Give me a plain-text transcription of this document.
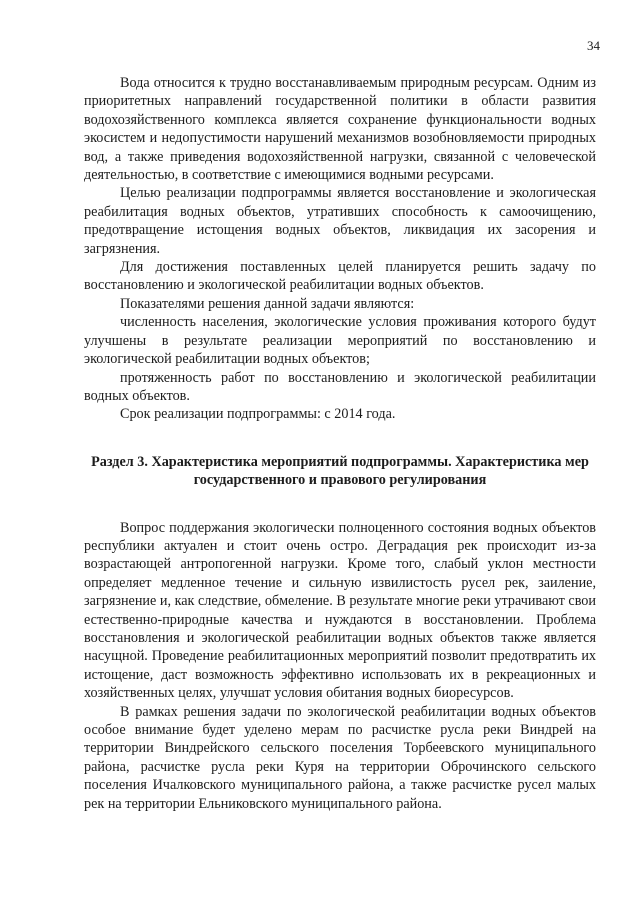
34

Вода относится к трудно восстанавливаемым природным ресурсам. Одним из приоритетных направлений государственной политики в области развития водохозяйственного комплекса является сохранение функциональности водных экосистем и недопустимости нарушений механизмов возобновляемости природных вод, а также приведения водохозяйственной нагрузки, связанной с человеческой деятельностью, в соответствие с имеющимися водными ресурсами.

Целью реализации подпрограммы является восстановление и экологическая реабилитация водных объектов, утративших способность к самоочищению, предотвращение истощения водных объектов, ликвидация их засорения и загрязнения.

Для достижения поставленных целей планируется решить задачу по восстановлению и экологической реабилитации водных объектов.

Показателями решения данной задачи являются:

численность населения, экологические условия проживания которого будут улучшены в результате реализации мероприятий по восстановлению и экологической реабилитации водных объектов;

протяженность работ по восстановлению и экологической реабилитации водных объектов.

Срок реализации подпрограммы: с 2014 года.

Раздел 3. Характеристика мероприятий подпрограммы. Характеристика мер государственного и правового регулирования

Вопрос поддержания экологически полноценного состояния водных объектов республики актуален и стоит очень остро. Деградация рек происходит из-за возрастающей антропогенной нагрузки. Кроме того, слабый уклон местности определяет медленное течение и сильную извилистость русел рек, заиление, загрязнение и, как следствие, обмеление. В результате многие реки утрачивают свои естественно-природные качества и нуждаются в восстановлении. Проблема восстановления и экологической реабилитации водных объектов также является насущной. Проведение реабилитационных мероприятий позволит предотвратить их истощение, даст возможность эффективно использовать их в рекреационных и хозяйственных целях, улучшат условия обитания водных биоресурсов.

В рамках решения задачи по экологической реабилитации водных объектов особое внимание будет уделено мерам по расчистке русла реки Виндрей на территории Виндрейского сельского поселения Торбеевского муниципального района, расчистке русла реки Куря на территории Оброчинского сельского поселения Ичалковского муниципального района, а также расчистке русел малых рек на территории Ельниковского муниципального района.
